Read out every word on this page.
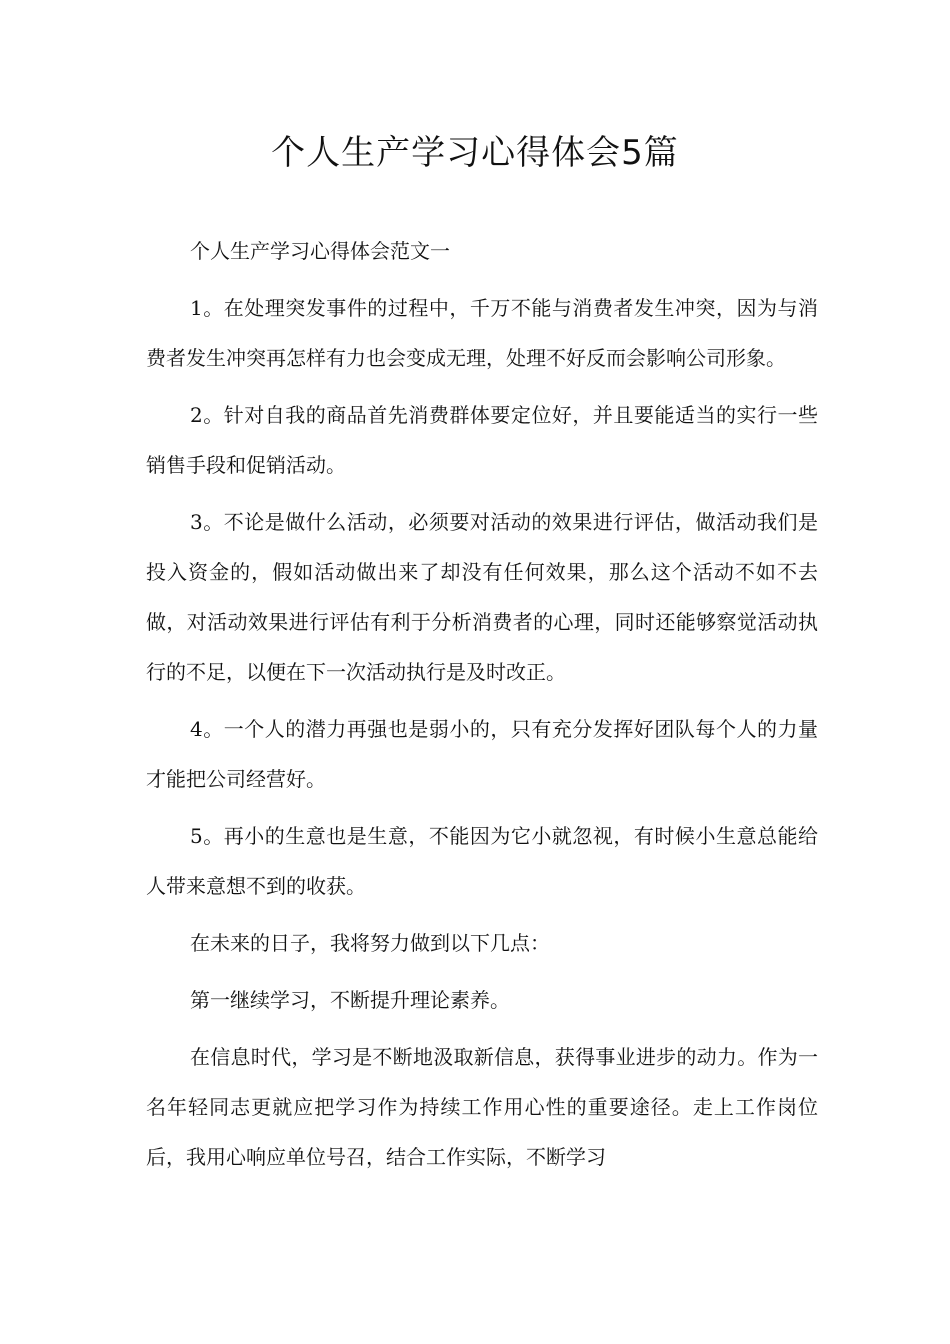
个人生产学习心得体会5篇

个人生产学习心得体会范文一

1。在处理突发事件的过程中，千万不能与消费者发生冲突，因为与消费者发生冲突再怎样有力也会变成无理，处理不好反而会影响公司形象。

2。针对自我的商品首先消费群体要定位好，并且要能适当的实行一些销售手段和促销活动。

3。不论是做什么活动，必须要对活动的效果进行评估，做活动我们是投入资金的，假如活动做出来了却没有任何效果，那么这个活动不如不去做，对活动效果进行评估有利于分析消费者的心理，同时还能够察觉活动执行的不足，以便在下一次活动执行是及时改正。

4。一个人的潜力再强也是弱小的，只有充分发挥好团队每个人的力量才能把公司经营好。

5。再小的生意也是生意，不能因为它小就忽视，有时候小生意总能给人带来意想不到的收获。

在未来的日子，我将努力做到以下几点：

第一继续学习，不断提升理论素养。

在信息时代，学习是不断地汲取新信息，获得事业进步的动力。作为一名年轻同志更就应把学习作为持续工作用心性的重要途径。走上工作岗位后，我用心响应单位号召，结合工作实际，不断学习
